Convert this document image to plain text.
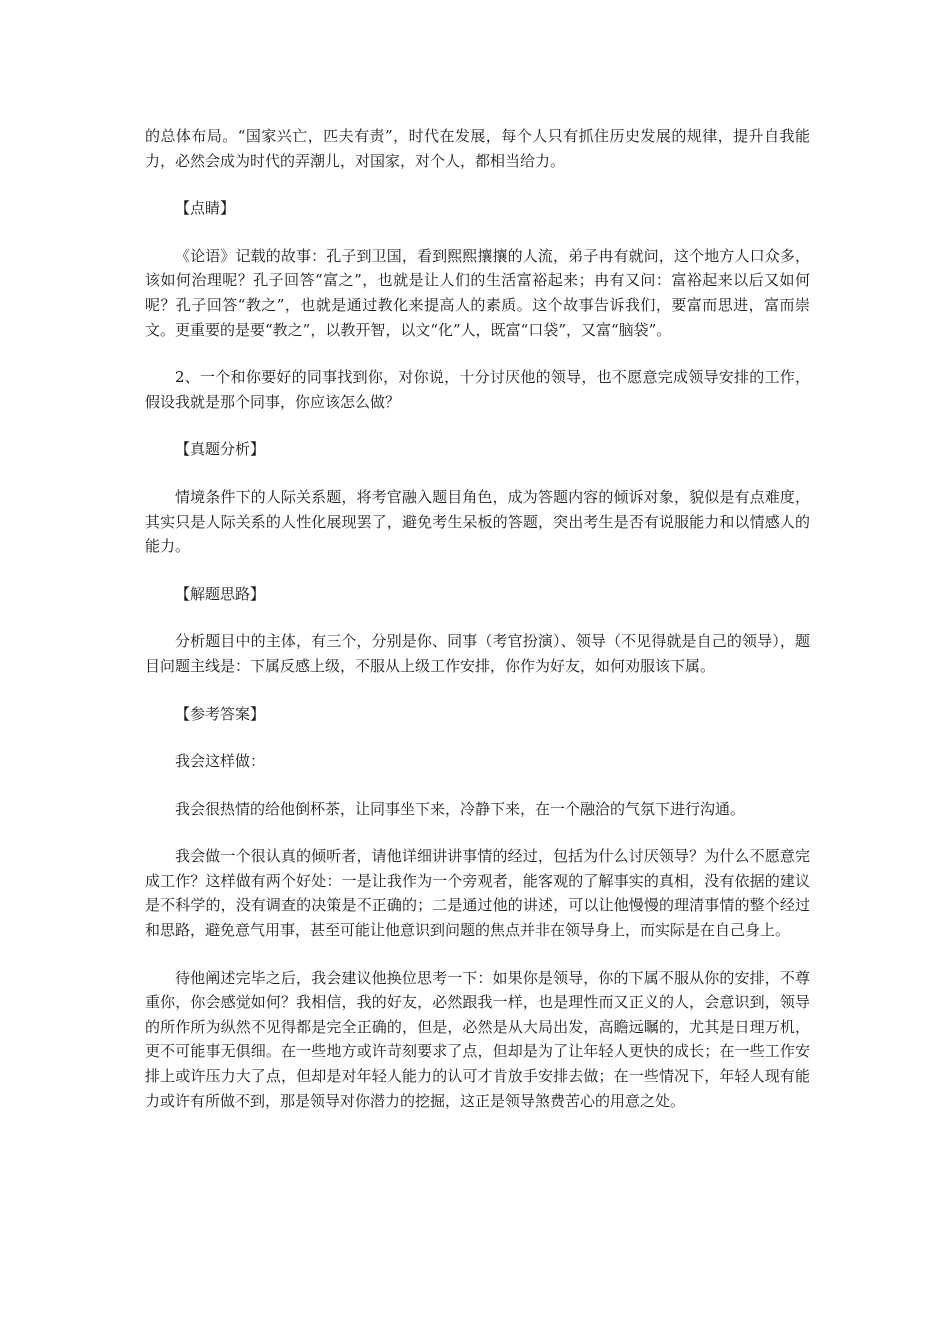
的总体布局。“国家兴亡，匹夫有责”，时代在发展，每个人只有抓住历史发展的规律，提升自我能力，必然会成为时代的弄潮儿，对国家，对个人，都相当给力。

【点睛】

《论语》记载的故事：孔子到卫国，看到熙熙攘攘的人流，弟子冉有就问，这个地方人口众多，该如何治理呢？孔子回答“富之”，也就是让人们的生活富裕起来；冉有又问：富裕起来以后又如何呢？孔子回答“教之”，也就是通过教化来提高人的素质。这个故事告诉我们，要富而思进，富而崇文。更重要的是要“教之”，以教开智，以文“化”人，既富“口袋”，又富“脑袋”。

2、一个和你要好的同事找到你，对你说，十分讨厌他的领导，也不愿意完成领导安排的工作，假设我就是那个同事，你应该怎么做？

【真题分析】

情境条件下的人际关系题，将考官融入题目角色，成为答题内容的倾诉对象，貌似是有点难度，其实只是人际关系的人性化展现罢了，避免考生呆板的答题，突出考生是否有说服能力和以情感人的能力。

【解题思路】

分析题目中的主体，有三个，分别是你、同事（考官扮演）、领导（不见得就是自己的领导），题目问题主线是：下属反感上级，不服从上级工作安排，你作为好友，如何劝服该下属。

【参考答案】

我会这样做：

我会很热情的给他倒杯茶，让同事坐下来，冷静下来，在一个融洽的气氛下进行沟通。

我会做一个很认真的倾听者，请他详细讲讲事情的经过，包括为什么讨厌领导？为什么不愿意完成工作？这样做有两个好处：一是让我作为一个旁观者，能客观的了解事实的真相，没有依据的建议是不科学的，没有调查的决策是不正确的；二是通过他的讲述，可以让他慢慢的理清事情的整个经过和思路，避免意气用事，甚至可能让他意识到问题的焦点并非在领导身上，而实际是在自己身上。

待他阐述完毕之后，我会建议他换位思考一下：如果你是领导，你的下属不服从你的安排，不尊重你，你会感觉如何？我相信，我的好友，必然跟我一样，也是理性而又正义的人，会意识到，领导的所作所为纵然不见得都是完全正确的，但是，必然是从大局出发，高瞻远瞩的，尤其是日理万机，更不可能事无俱细。在一些地方或许苛刻要求了点，但却是为了让年轻人更快的成长；在一些工作安排上或许压力大了点，但却是对年轻人能力的认可才肯放手安排去做；在一些情况下，年轻人现有能力或许有所做不到，那是领导对你潜力的挖掘，这正是领导煞费苦心的用意之处。
